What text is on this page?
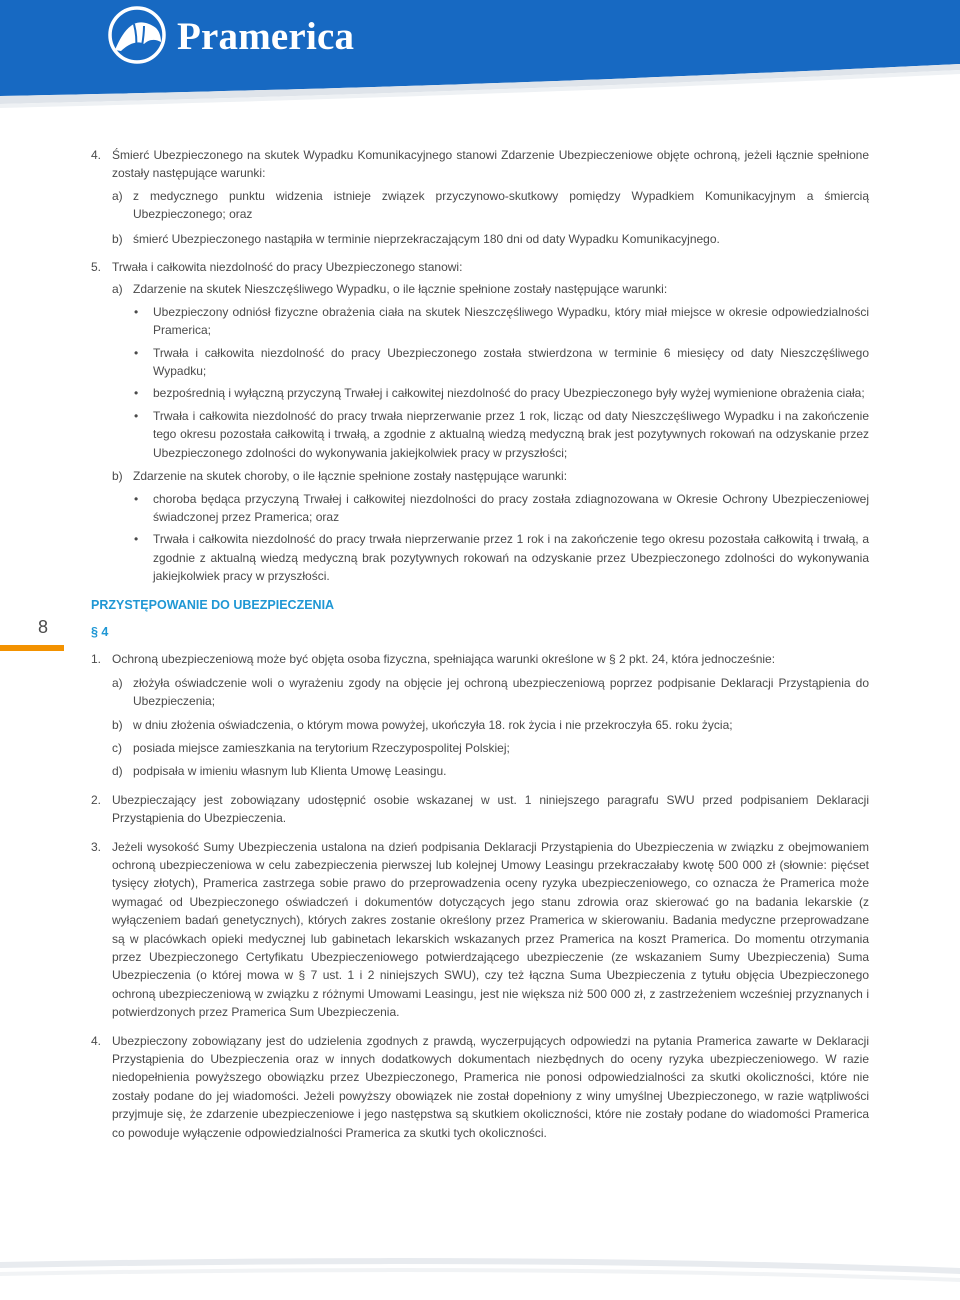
Pramerica
8
4. Śmierć Ubezpieczonego na skutek Wypadku Komunikacyjnego stanowi Zdarzenie Ubezpieczeniowe objęte ochroną, jeżeli łącznie spełnione zostały następujące warunki:
a) z medycznego punktu widzenia istnieje związek przyczynowo-skutkowy pomiędzy Wypadkiem Komunikacyjnym a śmiercią Ubezpieczonego; oraz
b) śmierć Ubezpieczonego nastąpiła w terminie nieprzekraczającym 180 dni od daty Wypadku Komunikacyjnego.
5. Trwała i całkowita niezdolność do pracy Ubezpieczonego stanowi:
a) Zdarzenie na skutek Nieszczęśliwego Wypadku, o ile łącznie spełnione zostały następujące warunki:
• Ubezpieczony odniósł fizyczne obrażenia ciała na skutek Nieszczęśliwego Wypadku, który miał miejsce w okresie odpowiedzialności Pramerica;
• Trwała i całkowita niezdolność do pracy Ubezpieczonego została stwierdzona w terminie 6 miesięcy od daty Nieszczęśliwego Wypadku;
• bezpośrednią i wyłączną przyczyną Trwałej i całkowitej niezdolność do pracy Ubezpieczonego były wyżej wymienione obrażenia ciała;
• Trwała i całkowita niezdolność do pracy trwała nieprzerwanie przez 1 rok, licząc od daty Nieszczęśliwego Wypadku i na zakończenie tego okresu pozostała całkowitą i trwałą, a zgodnie z aktualną wiedzą medyczną brak jest pozytywnych rokowań na odzyskanie przez Ubezpieczonego zdolności do wykonywania jakiejkolwiek pracy w przyszłości;
b) Zdarzenie na skutek choroby, o ile łącznie spełnione zostały następujące warunki:
• choroba będąca przyczyną Trwałej i całkowitej niezdolności do pracy została zdiagnozowana w Okresie Ochrony Ubezpieczeniowej świadczonej przez Pramerica; oraz
• Trwała i całkowita niezdolność do pracy trwała nieprzerwanie przez 1 rok i na zakończenie tego okresu pozostała całkowitą i trwałą, a zgodnie z aktualną wiedzą medyczną brak pozytywnych rokowań na odzyskanie przez Ubezpieczonego zdolności do wykonywania jakiejkolwiek pracy w przyszłości.
PRZYSTĘPOWANIE DO UBEZPIECZENIA
§ 4
1. Ochroną ubezpieczeniową może być objęta osoba fizyczna, spełniająca warunki określone w § 2 pkt. 24, która jednocześnie:
a) złożyła oświadczenie woli o wyrażeniu zgody na objęcie jej ochroną ubezpieczeniową poprzez podpisanie Deklaracji Przystąpienia do Ubezpieczenia;
b) w dniu złożenia oświadczenia, o którym mowa powyżej, ukończyła 18. rok życia i nie przekroczyła 65. roku życia;
c) posiada miejsce zamieszkania na terytorium Rzeczypospolitej Polskiej;
d) podpisała w imieniu własnym lub Klienta Umowę Leasingu.
2. Ubezpieczający jest zobowiązany udostępnić osobie wskazanej w ust. 1 niniejszego paragrafu SWU przed podpisaniem Deklaracji Przystąpienia do Ubezpieczenia.
3. Jeżeli wysokość Sumy Ubezpieczenia ustalona na dzień podpisania Deklaracji Przystąpienia do Ubezpieczenia w związku z obejmowaniem ochroną ubezpieczeniowa w celu zabezpieczenia pierwszej lub kolejnej Umowy Leasingu przekraczałaby kwotę 500 000 zł (słownie: pięćset tysięcy złotych), Pramerica zastrzega sobie prawo do przeprowadzenia oceny ryzyka ubezpieczeniowego, co oznacza że Pramerica może wymagać od Ubezpieczonego oświadczeń i dokumentów dotyczących jego stanu zdrowia oraz skierować go na badania lekarskie (z wyłączeniem badań genetycznych), których zakres zostanie określony przez Pramerica w skierowaniu. Badania medyczne przeprowadzane są w placówkach opieki medycznej lub gabinetach lekarskich wskazanych przez Pramerica na koszt Pramerica. Do momentu otrzymania przez Ubezpieczonego Certyfikatu Ubezpieczeniowego potwierdzającego ubezpieczenie (ze wskazaniem Sumy Ubezpieczenia) Suma Ubezpieczenia (o której mowa w § 7 ust. 1 i 2 niniejszych SWU), czy też łączna Suma Ubezpieczenia z tytułu objęcia Ubezpieczonego ochroną ubezpieczeniową w związku z różnymi Umowami Leasingu, jest nie większa niż 500 000 zł, z zastrzeżeniem wcześniej przyznanych i potwierdzonych przez Pramerica Sum Ubezpieczenia.
4. Ubezpieczony zobowiązany jest do udzielenia zgodnych z prawdą, wyczerpujących odpowiedzi na pytania Pramerica zawarte w Deklaracji Przystąpienia do Ubezpieczenia oraz w innych dodatkowych dokumentach niezbędnych do oceny ryzyka ubezpieczeniowego. W razie niedopełnienia powyższego obowiązku przez Ubezpieczonego, Pramerica nie ponosi odpowiedzialności za skutki okoliczności, które nie zostały podane do jej wiadomości. Jeżeli powyższy obowiązek nie został dopełniony z winy umyślnej Ubezpieczonego, w razie wątpliwości przyjmuje się, że zdarzenie ubezpieczeniowe i jego następstwa są skutkiem okoliczności, które nie zostały podane do wiadomości Pramerica co powoduje wyłączenie odpowiedzialności Pramerica za skutki tych okoliczności.
